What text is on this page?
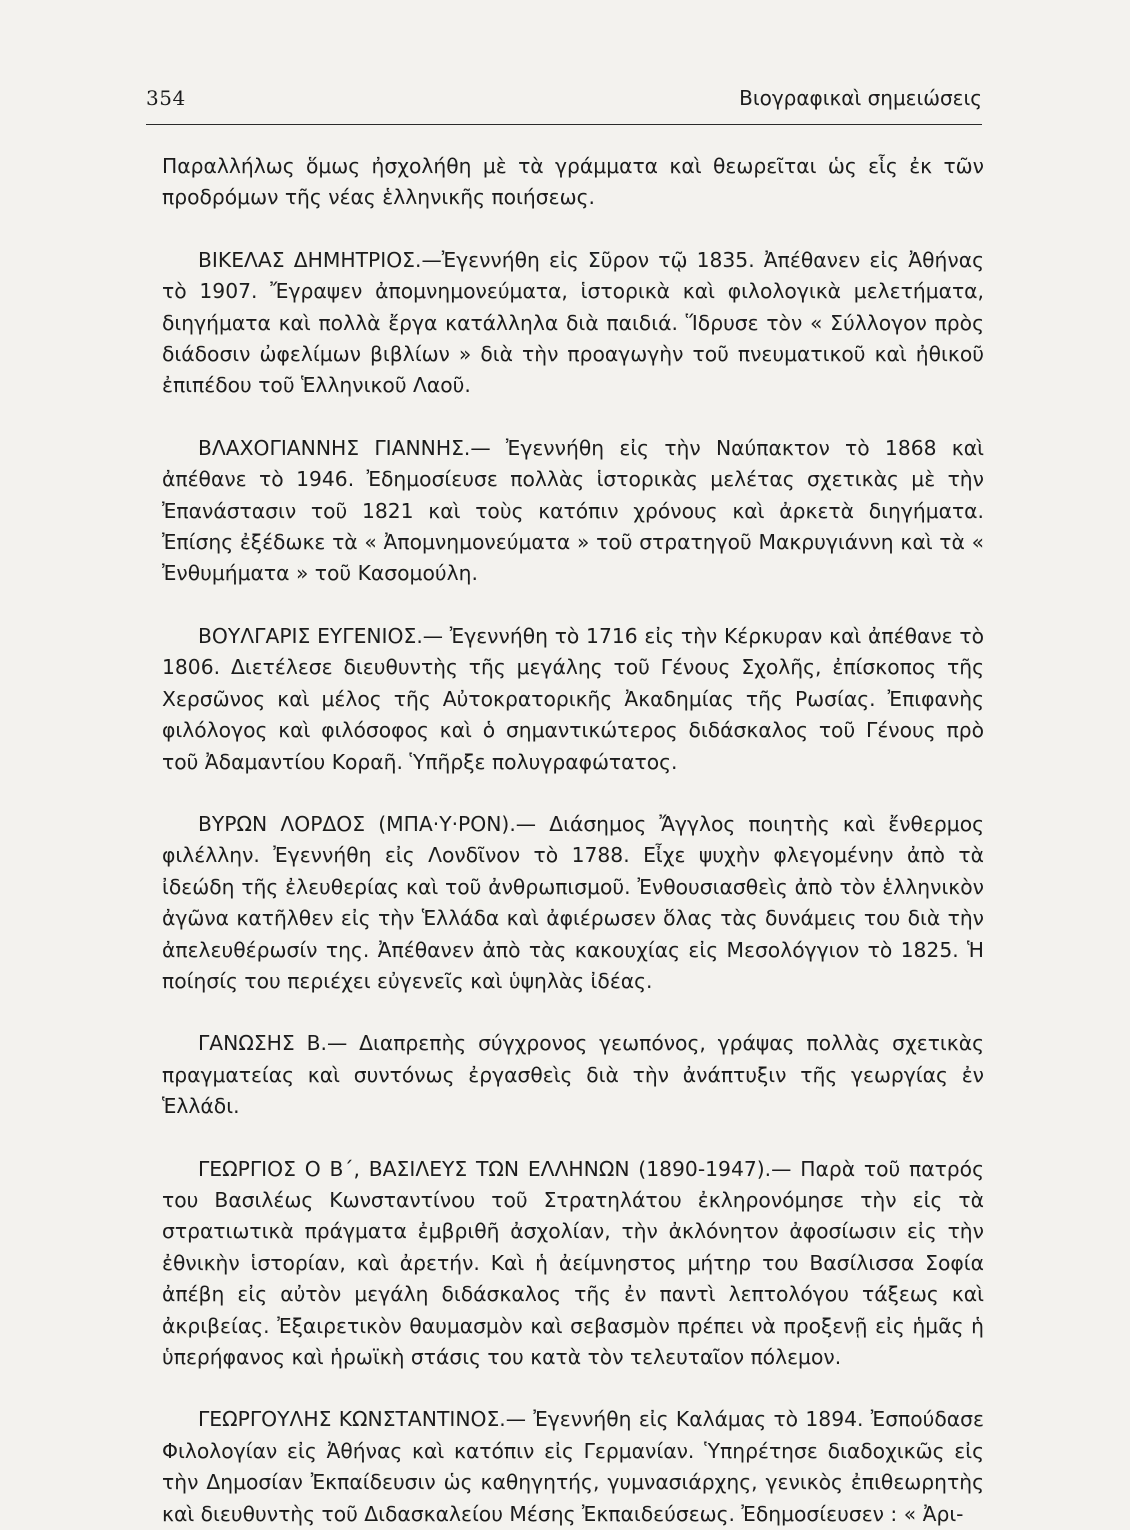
354	Βιογραφικαὶ σημειώσεις

Παραλλήλως ὅμως ἠσχολήθη μὲ τὰ γράμματα καὶ θεωρεῖται ὡς εἷς ἐκ τῶν προδρόμων τῆς νέας ἑλληνικῆς ποιήσεως.

ΒΙΚΕΛΑΣ ΔΗΜΗΤΡΙΟΣ.—Ἐγεννήθη εἰς Σῦρον τῷ 1835. Ἀπέθανεν εἰς Ἀθήνας τὸ 1907. Ἔγραψεν ἀπομνημονεύματα, ἱστορικὰ καὶ φιλολογικὰ μελετήματα, διηγήματα καὶ πολλὰ ἔργα κατάλληλα διὰ παιδιά. Ἵδρυσε τὸν « Σύλλογον πρὸς διάδοσιν ὠφελίμων βιβλίων » διὰ τὴν προαγωγὴν τοῦ πνευματικοῦ καὶ ἠθικοῦ ἐπιπέδου τοῦ Ἑλληνικοῦ Λαοῦ.

ΒΛΑΧΟΓΙΑΝΝΗΣ ΓΙΑΝΝΗΣ.— Ἐγεννήθη εἰς τὴν Ναύπακτον τὸ 1868 καὶ ἀπέθανε τὸ 1946. Ἐδημοσίευσε πολλὰς ἱστορικὰς μελέτας σχετικὰς μὲ τὴν Ἐπανάστασιν τοῦ 1821 καὶ τοὺς κατόπιν χρόνους καὶ ἀρκετὰ διηγήματα. Ἐπίσης ἐξέδωκε τὰ « Ἀπομνημονεύματα » τοῦ στρατηγοῦ Μακρυγιάννη καὶ τὰ « Ἐνθυμήματα » τοῦ Κασομούλη.

ΒΟΥΛΓΑΡΙΣ ΕΥΓΕΝΙΟΣ.— Ἐγεννήθη τὸ 1716 εἰς τὴν Κέρκυραν καὶ ἀπέθανε τὸ 1806. Διετέλεσε διευθυντὴς τῆς μεγάλης τοῦ Γένους Σχολῆς, ἐπίσκοπος τῆς Χερσῶνος καὶ μέλος τῆς Αὐτοκρατορικῆς Ἀκαδημίας τῆς Ρωσίας. Ἐπιφανὴς φιλόλογος καὶ φιλόσοφος καὶ ὁ σημαντικώτερος διδάσκαλος τοῦ Γένους πρὸ τοῦ Ἀδαμαντίου Κοραῆ. Ὑπῆρξε πολυγραφώτατος.

ΒΥΡΩΝ ΛΟΡΔΟΣ (ΜΠΑ·Υ·ΡΟΝ).— Διάσημος Ἄγγλος ποιητὴς καὶ ἔνθερμος φιλέλλην. Ἐγεννήθη εἰς Λονδῖνον τὸ 1788. Εἶχε ψυχὴν φλεγομένην ἀπὸ τὰ ἰδεώδη τῆς ἐλευθερίας καὶ τοῦ ἀνθρωπισμοῦ. Ἐνθουσιασθεὶς ἀπὸ τὸν ἑλληνικὸν ἀγῶνα κατῆλθεν εἰς τὴν Ἑλλάδα καὶ ἀφιέρωσεν ὅλας τὰς δυνάμεις του διὰ τὴν ἀπελευθέρωσίν της. Ἀπέθανεν ἀπὸ τὰς κακουχίας εἰς Μεσολόγγιον τὸ 1825. Ἡ ποίησίς του περιέχει εὐγενεῖς καὶ ὑψηλὰς ἰδέας.

ΓΑΝΩΣΗΣ Β.— Διαπρεπὴς σύγχρονος γεωπόνος, γράψας πολλὰς σχετικὰς πραγματείας καὶ συντόνως ἐργασθεὶς διὰ τὴν ἀνάπτυξιν τῆς γεωργίας ἐν Ἑλλάδι.

ΓΕΩΡΓΙΟΣ Ο Β΄, ΒΑΣΙΛΕΥΣ ΤΩΝ ΕΛΛΗΝΩΝ (1890-1947).— Παρὰ τοῦ πατρός του Βασιλέως Κωνσταντίνου τοῦ Στρατηλάτου ἐκληρονόμησε τὴν εἰς τὰ στρατιωτικὰ πράγματα ἐμβριθῆ ἀσχολίαν, τὴν ἀκλόνητον ἀφοσίωσιν εἰς τὴν ἐθνικὴν ἱστορίαν, καὶ ἀρετήν. Καὶ ἡ ἀείμνηστος μήτηρ του Βασίλισσα Σοφία ἀπέβη εἰς αὐτὸν μεγάλη διδάσκαλος τῆς ἐν παντὶ λεπτολόγου τάξεως καὶ ἀκριβείας. Ἐξαιρετικὸν θαυμασμὸν καὶ σεβασμὸν πρέπει νὰ προξενῇ εἰς ἡμᾶς ἡ ὑπερήφανος καὶ ἡρωϊκὴ στάσις του κατὰ τὸν τελευταῖον πόλεμον.

ΓΕΩΡΓΟΥΛΗΣ ΚΩΝΣΤΑΝΤΙΝΟΣ.— Ἐγεννήθη εἰς Καλάμας τὸ 1894. Ἐσπούδασε Φιλολογίαν εἰς Ἀθήνας καὶ κατόπιν εἰς Γερμανίαν. Ὑπηρέτησε διαδοχικῶς εἰς τὴν Δημοσίαν Ἐκπαίδευσιν ὡς καθηγητής, γυμνασιάρχης, γενικὸς ἐπιθεωρητὴς καὶ διευθυντὴς τοῦ Διδασκαλείου Μέσης Ἐκπαιδεύσεως. Ἐδημοσίευσεν : « Ἀρι-
